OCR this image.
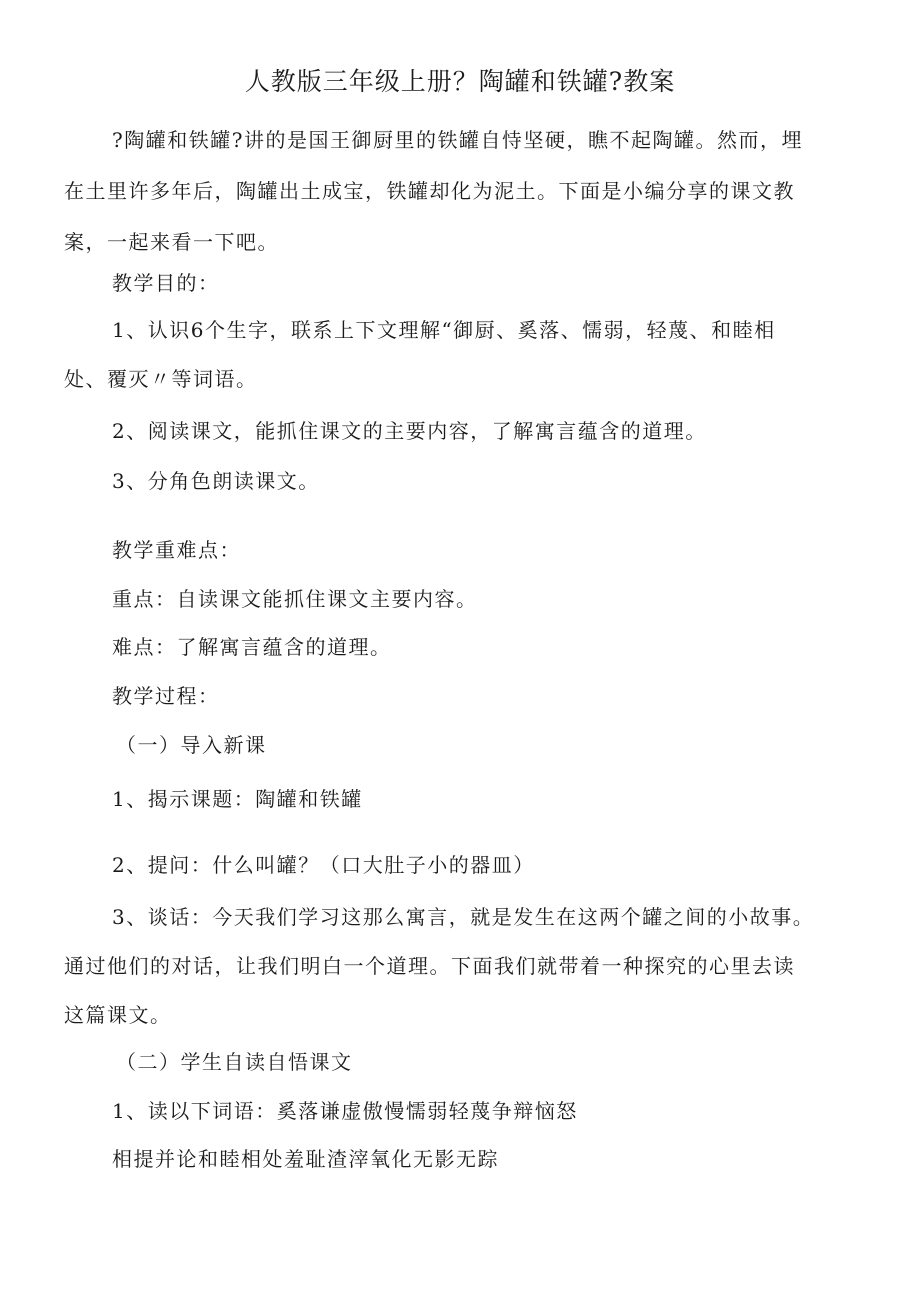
人教版三年级上册？陶罐和铁罐?教案

?陶罐和铁罐?讲的是国王御厨里的铁罐自恃坚硬，瞧不起陶罐。然而，埋
在土里许多年后，陶罐出土成宝，铁罐却化为泥土。下面是小编分享的课文教
案，一起来看一下吧。

教学目的：

1、认识6个生字，联系上下文理解“御厨、奚落、懦弱，轻蔑、和睦相
处、覆灭〃等词语。

2、阅读课文，能抓住课文的主要内容，了解寓言蕴含的道理。

3、分角色朗读课文。

教学重难点：

重点：自读课文能抓住课文主要内容。

难点：了解寓言蕴含的道理。

教学过程：

（一）导入新课

1、揭示课题：陶罐和铁罐

2、提问：什么叫罐？（口大肚子小的器皿）

3、谈话：今天我们学习这那么寓言，就是发生在这两个罐之间的小故事。
通过他们的对话，让我们明白一个道理。下面我们就带着一种探究的心里去读
这篇课文。

（二）学生自读自悟课文

1、读以下词语：奚落谦虚傲慢懦弱轻蔑争辩恼怒

相提并论和睦相处羞耻渣滓氧化无影无踪
